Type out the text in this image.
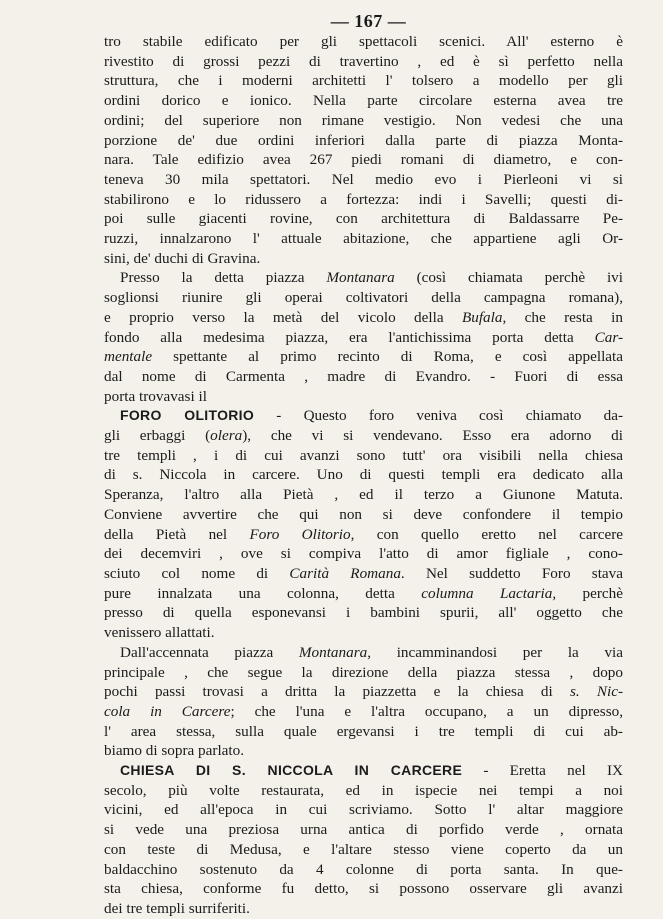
— 167 —
tro stabile edificato per gli spettacoli scenici. All' esterno è
rivestito di grossi pezzi di travertino , ed è sì perfetto nella
struttura, che i moderni architetti l' tolsero a modello per gli
ordini dorico e ionico. Nella parte circolare esterna avea tre
ordini; del superiore non rimane vestigio. Non vedesi che una
porzione de' due ordini inferiori dalla parte di piazza Monta-
nara. Tale edifizio avea 267 piedi romani di diametro, e con-
teneva 30 mila spettatori. Nel medio evo i Pierleoni vi si
stabilirono e lo ridussero a fortezza: indi i Savelli; questi di-
poi sulle giacenti rovine, con architettura di Baldassarre Pe-
ruzzi, innalzarono l' attuale abitazione, che appartiene agli Or-
sini, de' duchi di Gravina.
Presso la detta piazza Montanara (così chiamata perchè ivi
soglionsi riunire gli operai coltivatori della campagna romana),
e proprio verso la metà del vicolo della Bufala, che resta in
fondo alla medesima piazza, era l'antichissima porta detta Car-
mentale spettante al primo recinto di Roma, e così appellata
dal nome di Carmenta , madre di Evandro. - Fuori di essa
porta trovavasi il
FORO OLITORIO - Questo foro veniva così chiamato da-
gli erbaggi (olera), che vi si vendevano. Esso era adorno di
tre templi , i di cui avanzi sono tutt' ora visibili nella chiesa
di s. Niccola in carcere. Uno di questi templi era dedicato alla
Speranza, l'altro alla Pietà , ed il terzo a Giunone Matuta.
Conviene avvertire che qui non si deve confondere il tempio
della Pietà nel Foro Olitorio, con quello eretto nel carcere
dei decemviri , ove si compiva l'atto di amor figliale , cono-
sciuto col nome di Carità Romana. Nel suddetto Foro stava
pure innalzata una colonna, detta columna Lactaria, perchè
presso di quella esponevansi i bambini spurii, all' oggetto che
venissero allattati.
Dall'accennata piazza Montanara, incamminandosi per la via
principale , che segue la direzione della piazza stessa , dopo
pochi passi trovasi a dritta la piazzetta e la chiesa di s. Nic-
cola in Carcere; che l'una e l'altra occupano, a un dipresso,
l' area stessa, sulla quale ergevansi i tre templi di cui ab-
biamo di sopra parlato.
CHIESA DI S. NICCOLA IN CARCERE - Eretta nel IX
secolo, più volte restaurata, ed in ispecie nei tempi a noi
vicini, ed all'epoca in cui scriviamo. Sotto l' altar maggiore
si vede una preziosa urna antica di porfido verde , ornata
con teste di Medusa, e l'altare stesso viene coperto da un
baldacchino sostenuto da 4 colonne di porta santa. In que-
sta chiesa, conforme fu detto, si possono osservare gli avanzi
dei tre templi surriferiti.
